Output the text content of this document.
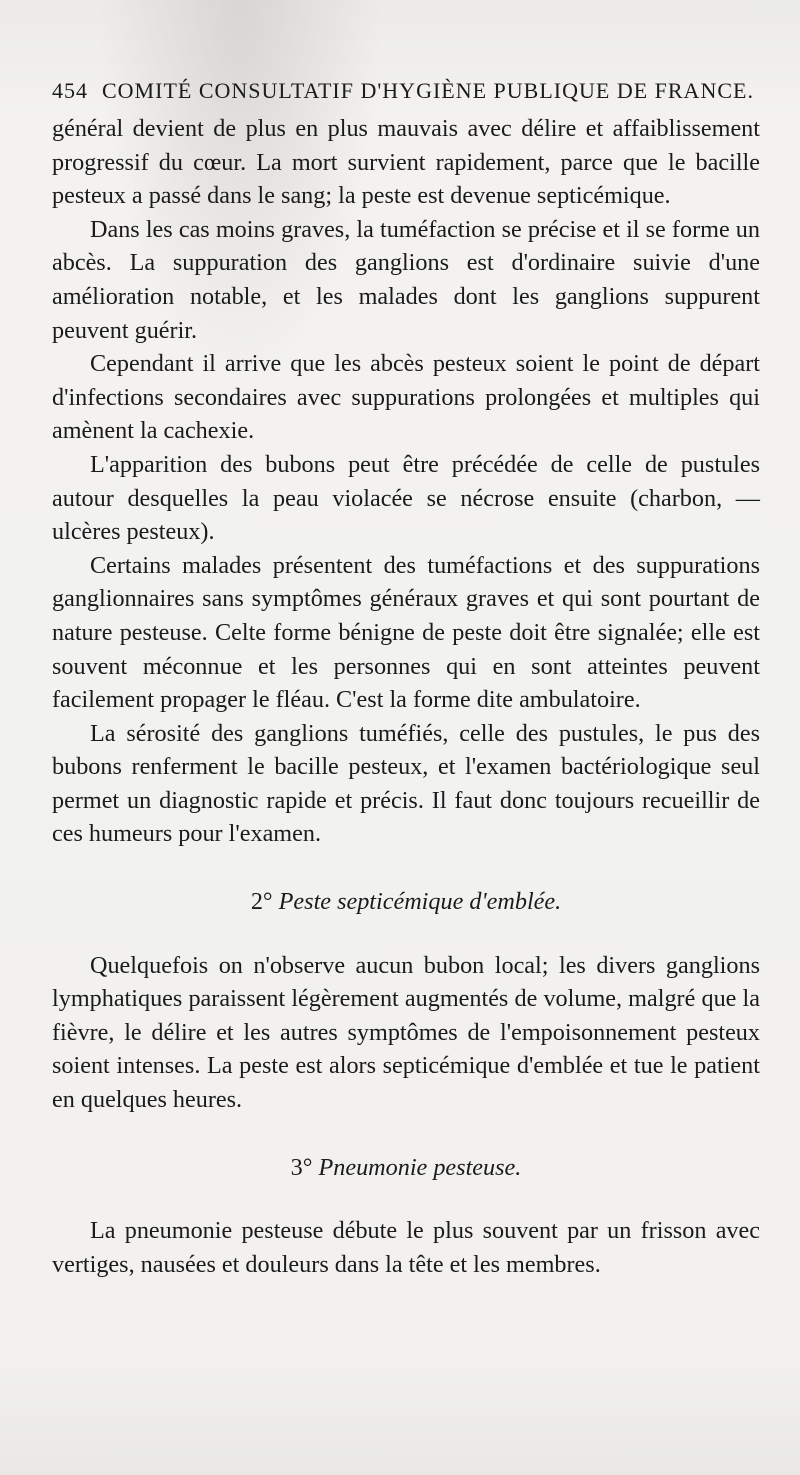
454 COMITÉ CONSULTATIF D'HYGIÈNE PUBLIQUE DE FRANCE.

général devient de plus en plus mauvais avec délire et affaiblissement progressif du cœur. La mort survient rapidement, parce que le bacille pesteux a passé dans le sang; la peste est devenue septicémique.

Dans les cas moins graves, la tuméfaction se précise et il se forme un abcès. La suppuration des ganglions est d'ordinaire suivie d'une amélioration notable, et les malades dont les ganglions suppurent peuvent guérir.

Cependant il arrive que les abcès pesteux soient le point de départ d'infections secondaires avec suppurations prolongées et multiples qui amènent la cachexie.

L'apparition des bubons peut être précédée de celle de pustules autour desquelles la peau violacée se nécrose ensuite (charbon, — ulcères pesteux).

Certains malades présentent des tuméfactions et des suppurations ganglionnaires sans symptômes généraux graves et qui sont pourtant de nature pesteuse. Celte forme bénigne de peste doit être signalée; elle est souvent méconnue et les personnes qui en sont atteintes peuvent facilement propager le fléau. C'est la forme dite ambulatoire.

La sérosité des ganglions tuméfiés, celle des pustules, le pus des bubons renferment le bacille pesteux, et l'examen bactériologique seul permet un diagnostic rapide et précis. Il faut donc toujours recueillir de ces humeurs pour l'examen.

2° Peste septicémique d'emblée.

Quelquefois on n'observe aucun bubon local; les divers ganglions lymphatiques paraissent légèrement augmentés de volume, malgré que la fièvre, le délire et les autres symptômes de l'empoisonnement pesteux soient intenses. La peste est alors septicémique d'emblée et tue le patient en quelques heures.

3° Pneumonie pesteuse.

La pneumonie pesteuse débute le plus souvent par un frisson avec vertiges, nausées et douleurs dans la tête et les membres.
